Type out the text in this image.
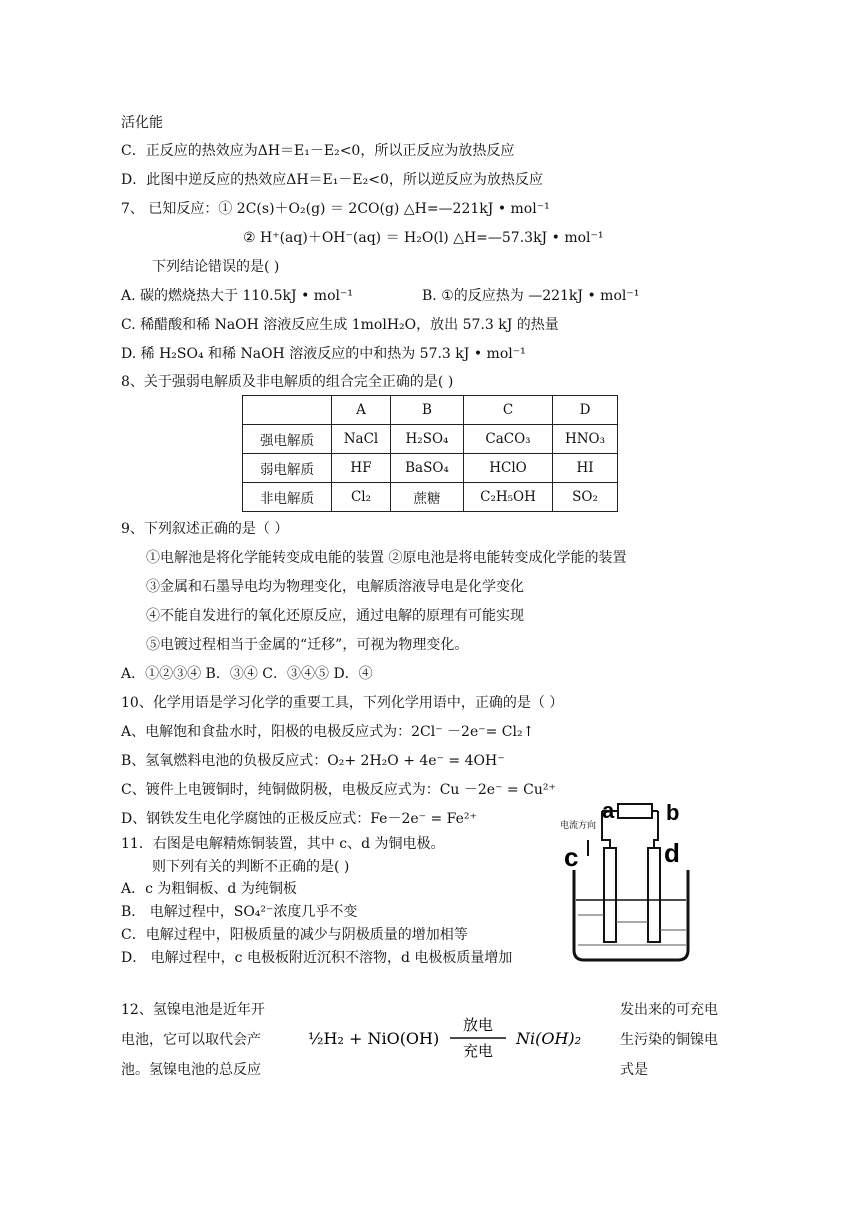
活化能
C．正反应的热效应为ΔH＝E₁－E₂<0，所以正反应为放热反应
D．此图中逆反应的热效应ΔH＝E₁－E₂<0，所以逆反应为放热反应
7、 已知反应：① 2C(s)＋O₂(g) ＝ 2CO(g) △H=—221kJ • mol⁻¹
② H⁺(aq)＋OH⁻(aq) ＝ H₂O(l) △H=—57.3kJ • mol⁻¹
下列结论错误的是( )
A. 碳的燃烧热大于 110.5kJ • mol⁻¹	B. ①的反应热为 —221kJ • mol⁻¹
C. 稀醋酸和稀 NaOH 溶液反应生成 1molH₂O，放出 57.3 kJ 的热量
D. 稀 H₂SO₄ 和稀 NaOH 溶液反应的中和热为 57.3 kJ • mol⁻¹
8、关于强弱电解质及非电解质的组合完全正确的是( )
	A	B	C	D
强电解质	NaCl	H₂SO₄	CaCO₃	HNO₃
弱电解质	HF	BaSO₄	HClO	HI
非电解质	Cl₂	蔗糖	C₂H₅OH	SO₂
9、下列叙述正确的是（ ）
①电解池是将化学能转变成电能的装置 ②原电池是将电能转变成化学能的装置
③金属和石墨导电均为物理变化，电解质溶液导电是化学变化
④不能自发进行的氧化还原反应，通过电解的原理有可能实现
⑤电镀过程相当于金属的“迁移”，可视为物理变化。
A．①②③④ B．③④ C．③④⑤ D．④
10、化学用语是学习化学的重要工具，下列化学用语中，正确的是（ ）
A、电解饱和食盐水时，阳极的电极反应式为：2Cl⁻ －2e⁻= Cl₂↑
B、氢氧燃料电池的负极反应式：O₂+ 2H₂O + 4e⁻ = 4OH⁻
C、镀件上电镀铜时，纯铜做阴极，电极反应式为：Cu －2e⁻ = Cu²⁺
D、钢铁发生电化学腐蚀的正极反应式：Fe－2e⁻ = Fe²⁺
11．右图是电解精炼铜装置，其中 c、d 为铜电极。
则下列有关的判断不正确的是( )
A．c 为粗铜板、d 为纯铜板
B． 电解过程中，SO₄²⁻浓度几乎不变
C．电解过程中，阳极质量的减少与阴极质量的增加相等
D． 电解过程中，c 电极板附近沉积不溶物，d 电极板质量增加
a b
电流方向
c	d
12、氢镍电池是近年开
电池，它可以取代会产
池。氢镍电池的总反应
发出来的可充电
生污染的铜镍电
式是
½H₂ + NiO(OH)
放电
充电
Ni(OH)₂
